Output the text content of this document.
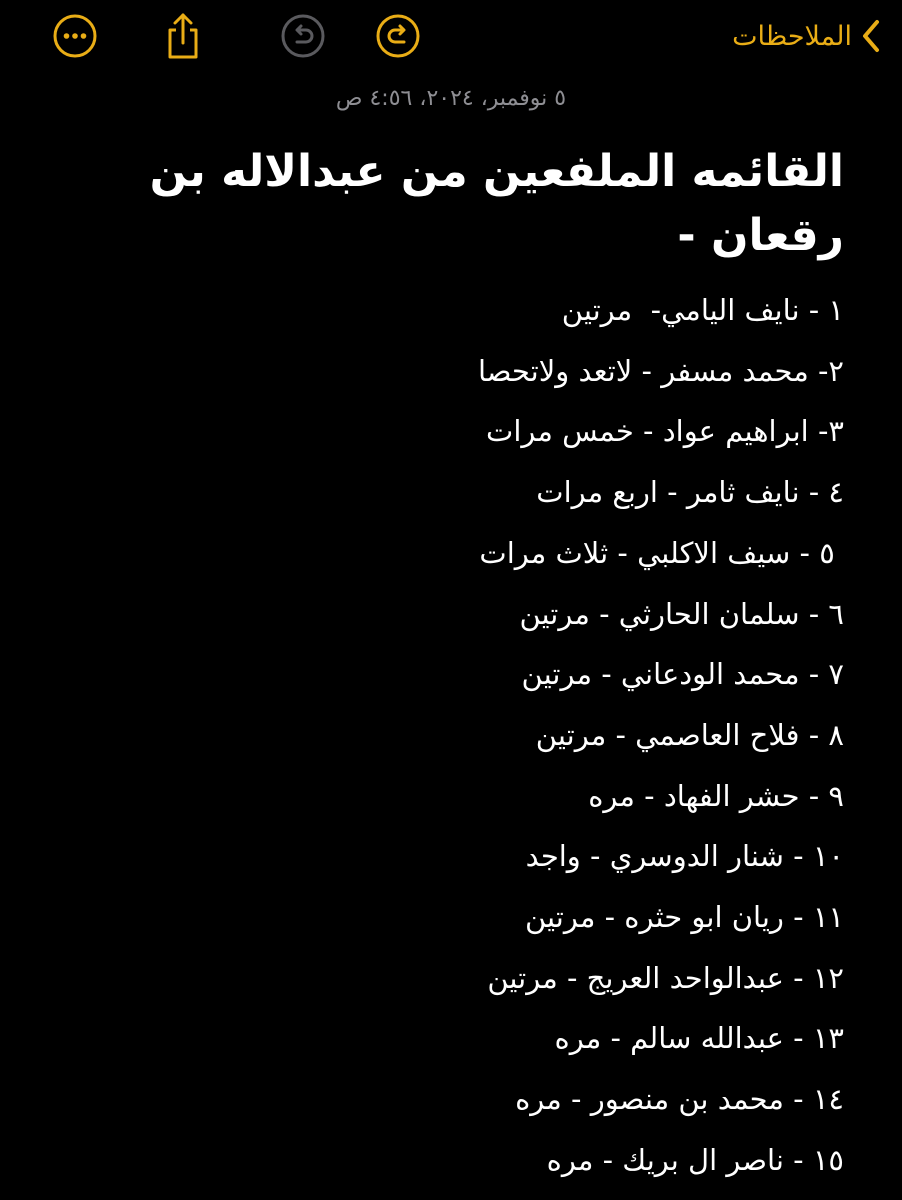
الملاحظات
٥ نوفمبر، ٢٠٢٤، ٤:٥٦ ص
القائمه الملفعين من عبدالاله بن رقعان -
١ - نايف اليامي-  مرتين
٢- محمد مسفر - لاتعد ولاتحصا
٣- ابراهيم عواد - خمس مرات
٤ - نايف ثامر - اربع مرات
٥ - سيف الاكلبي - ثلاث مرات
٦ - سلمان الحارثي - مرتين
٧ - محمد الودعاني - مرتين
٨ - فلاح العاصمي - مرتين
٩ - حشر الفهاد - مره
١٠ - شنار الدوسري - واجد
١١ - ريان ابو حثره - مرتين
١٢ - عبدالواحد العريج - مرتين
١٣ - عبدالله سالم - مره
١٤ - محمد بن منصور - مره
١٥ - ناصر ال بريك - مره
